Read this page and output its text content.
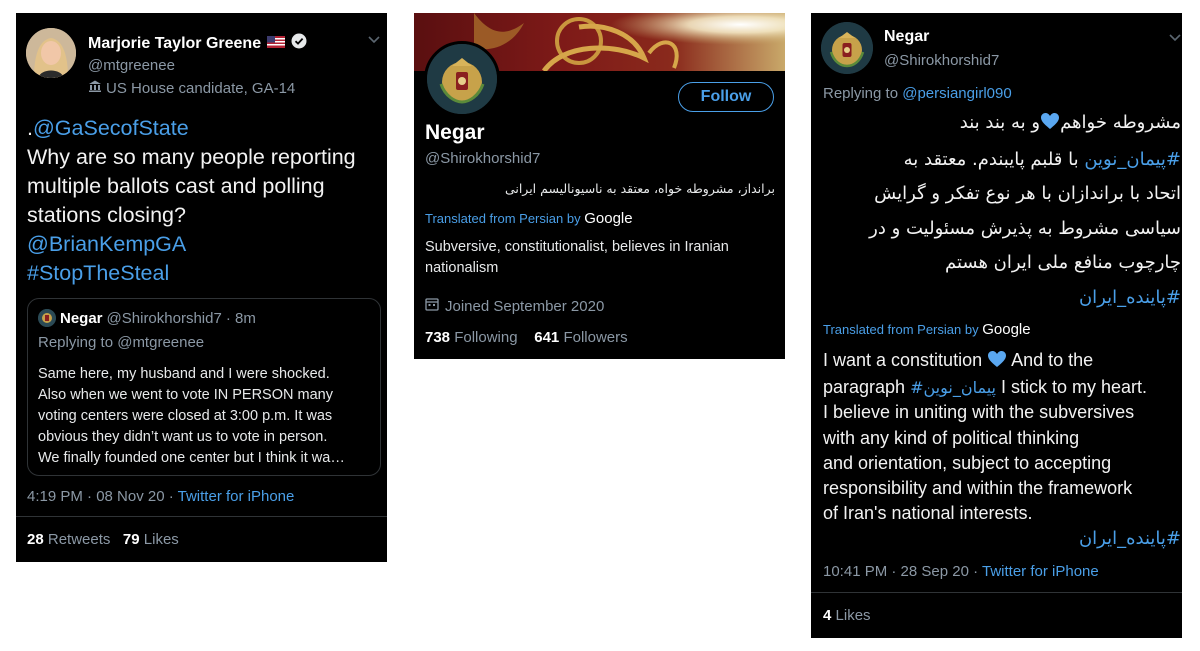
Marjorie Taylor Greene
@mtgreenee
US House candidate, GA-14
.@GaSecofState
Why are so many people reporting
multiple ballots cast and polling
stations closing?
@BrianKempGA
#StopTheSteal
Negar @Shirokhorshid7 · 8m
Replying to @mtgreenee
Same here, my husband and I were shocked.
Also when we went to vote IN PERSON many
voting centers were closed at 3:00 p.m. It was
obvious they didn’t want us to vote in person.
We finally founded one center but I think it wa…
4:19 PM · 08 Nov 20 · Twitter for iPhone
28 Retweets 79 Likes
Follow
Negar
@Shirokhorshid7
برانداز، مشروطه خواه، معتقد به ناسیونالیسم ایرانی
Translated from Persian by Google
Subversive, constitutionalist, believes in Iranian nationalism
Joined September 2020
738 Following 641 Followers
Negar
@Shirokhorshid7
Replying to @persiangirl090
مشروطه خواهمو به بند بند
#پیمان_نوین با قلبم پایبندم. معتقد به
اتحاد با براندازان با هر نوع تفکر و گرایش
سیاسی مشروط به پذیرش مسئولیت و در
چارچوب منافع ملی ایران هستم
#پاینده_ایران
Translated from Persian by Google
I want a constitution  And to the
paragraph #پیمان_نوین I stick to my heart.
I believe in uniting with the subversives
with any kind of political thinking
and orientation, subject to accepting
responsibility and within the framework
of Iran's national interests.
#پاینده_ایران
10:41 PM · 28 Sep 20 · Twitter for iPhone
4 Likes
